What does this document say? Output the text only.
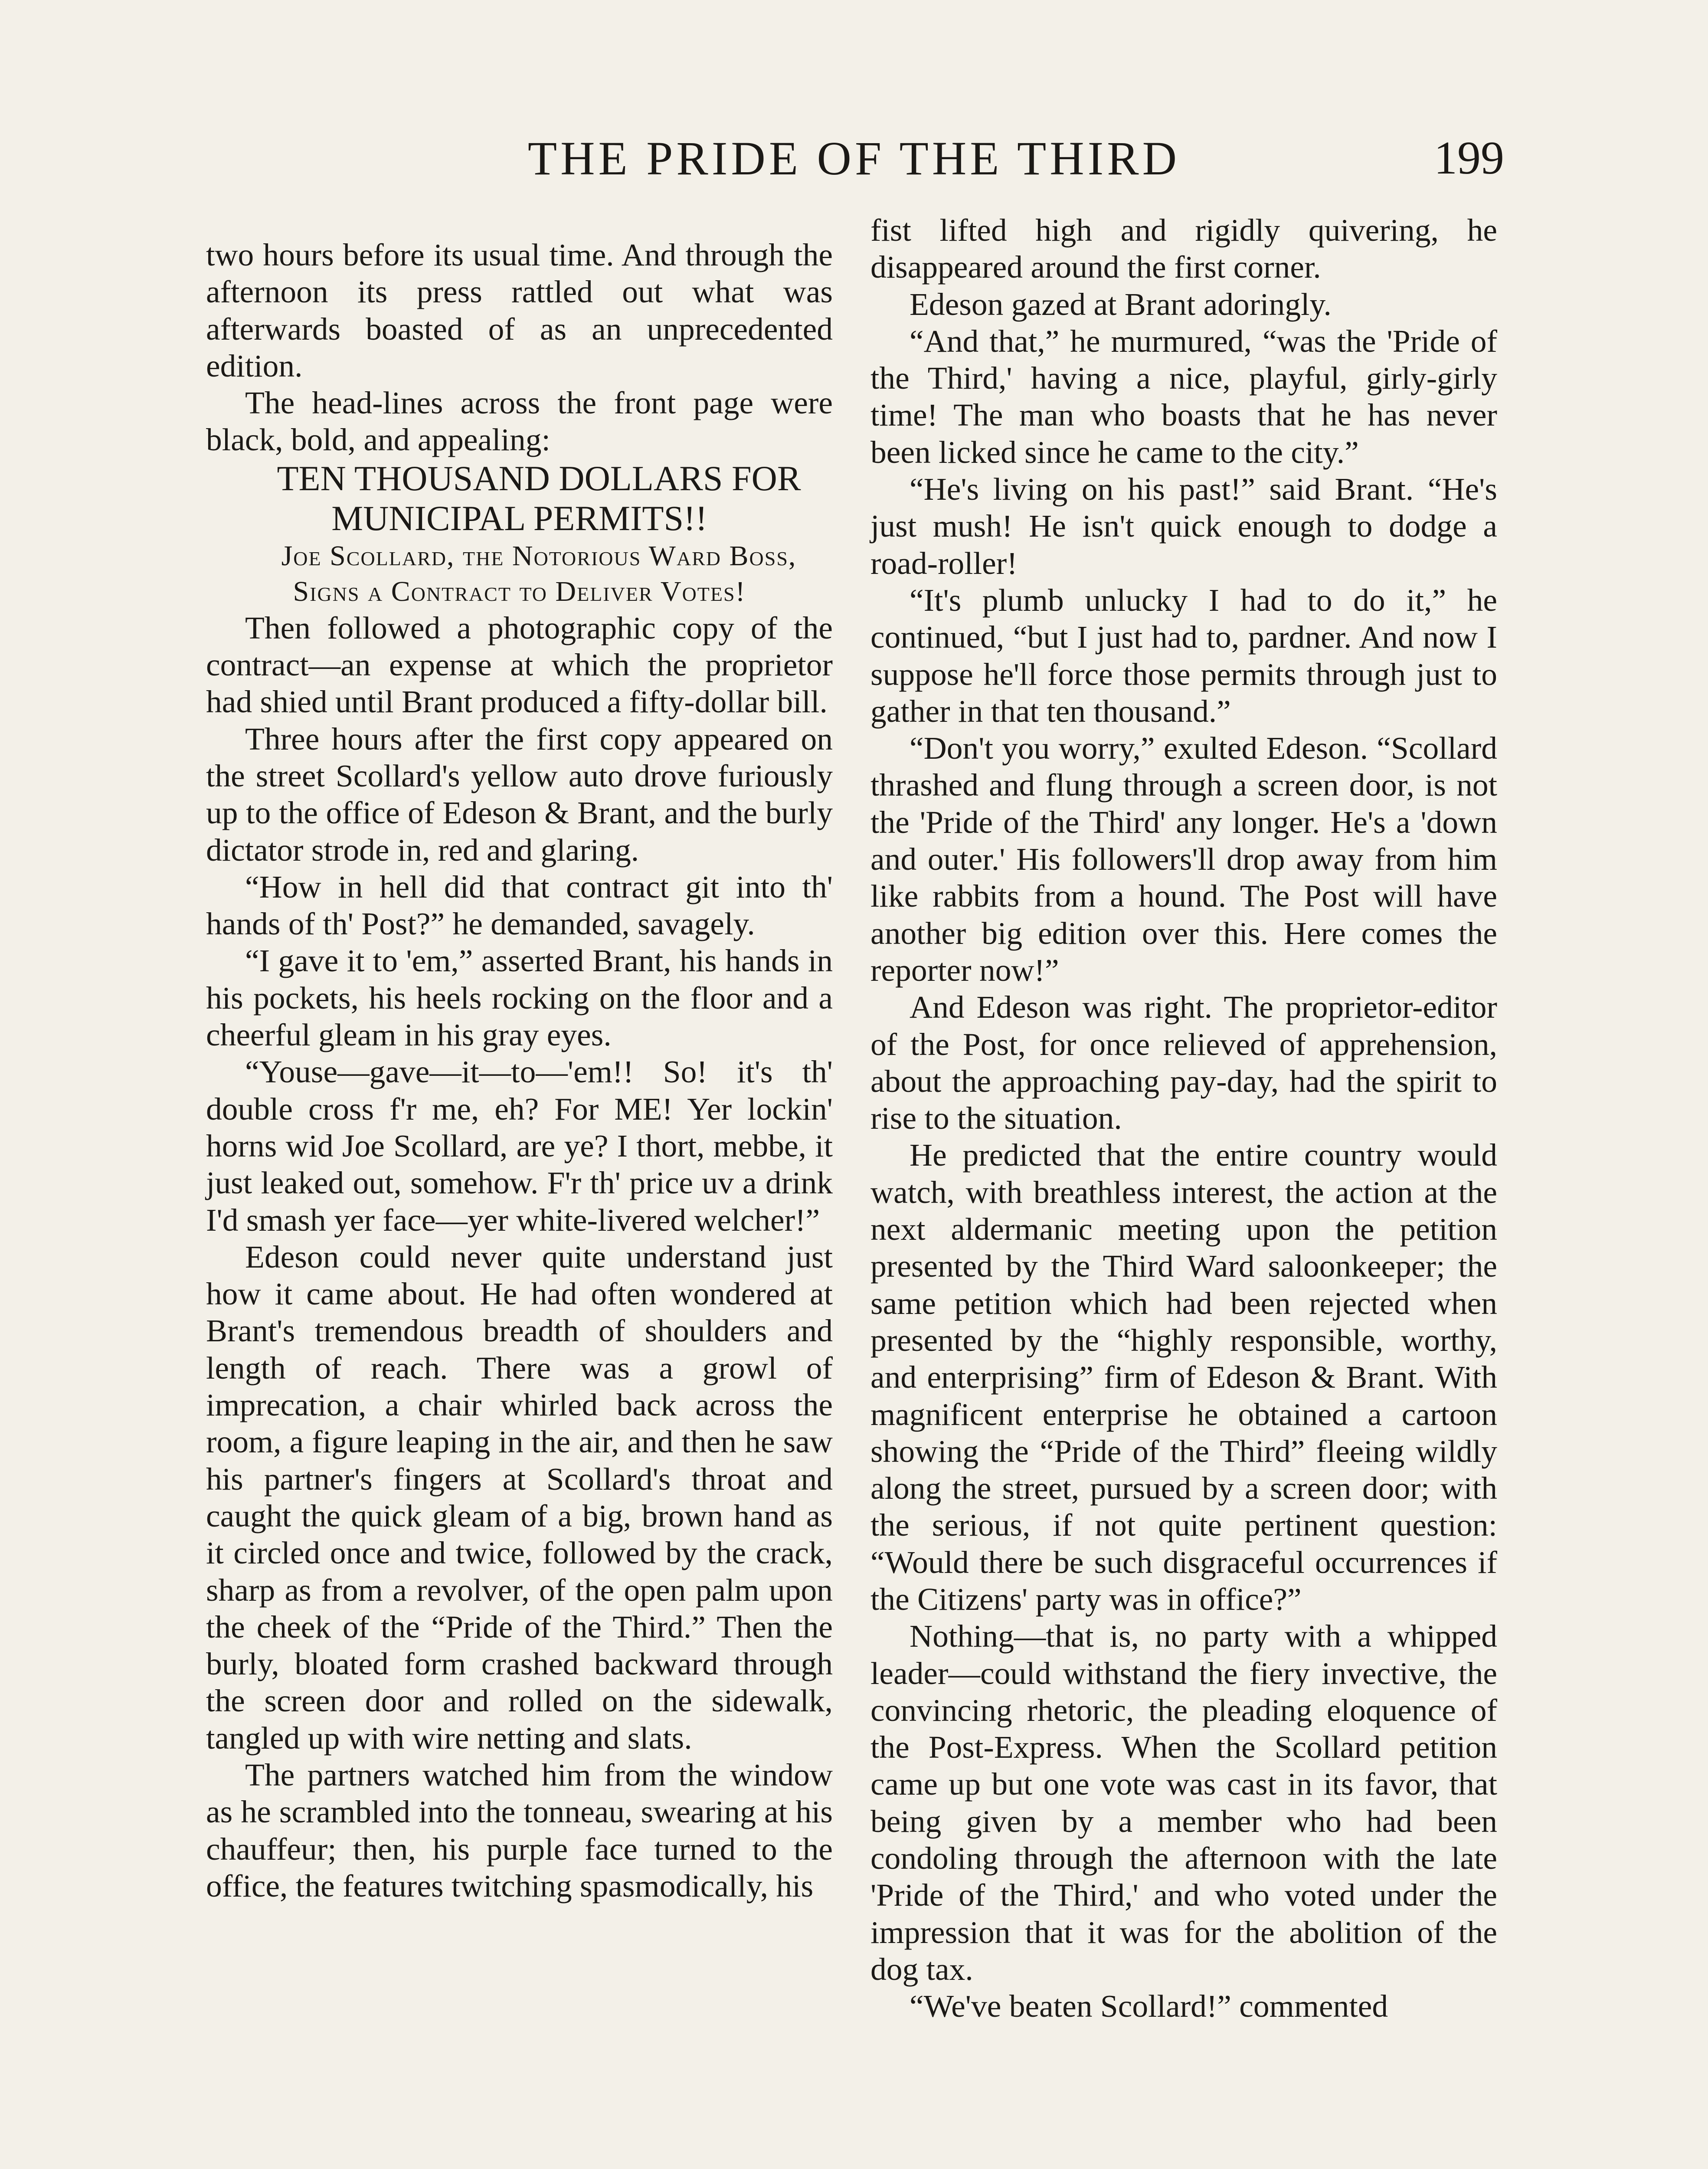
THE PRIDE OF THE THIRD	199

two hours before its usual time. And through the afternoon its press rattled out what was afterwards boasted of as an unprecedented edition.

The head-lines across the front page were black, bold, and appealing:

TEN THOUSAND DOLLARS FOR MUNICIPAL PERMITS!!

Joe Scollard, the Notorious Ward Boss, Signs a Contract to Deliver Votes!

Then followed a photographic copy of the contract—an expense at which the proprietor had shied until Brant produced a fifty-dollar bill.

Three hours after the first copy appeared on the street Scollard's yellow auto drove furiously up to the office of Edeson & Brant, and the burly dictator strode in, red and glaring.

“How in hell did that contract git into th' hands of th' Post?” he demanded, savagely.

“I gave it to 'em,” asserted Brant, his hands in his pockets, his heels rocking on the floor and a cheerful gleam in his gray eyes.

“Youse—gave—it—to—'em!! So! it's th' double cross f'r me, eh? For ME! Yer lockin' horns wid Joe Scollard, are ye? I thort, mebbe, it just leaked out, somehow. F'r th' price uv a drink I'd smash yer face—yer white-livered welcher!”

Edeson could never quite understand just how it came about. He had often wondered at Brant's tremendous breadth of shoulders and length of reach. There was a growl of imprecation, a chair whirled back across the room, a figure leaping in the air, and then he saw his partner's fingers at Scollard's throat and caught the quick gleam of a big, brown hand as it circled once and twice, followed by the crack, sharp as from a revolver, of the open palm upon the cheek of the “Pride of the Third.” Then the burly, bloated form crashed backward through the screen door and rolled on the sidewalk, tangled up with wire netting and slats.

The partners watched him from the window as he scrambled into the tonneau, swearing at his chauffeur; then, his purple face turned to the office, the features twitching spasmodically, his

fist lifted high and rigidly quivering, he disappeared around the first corner.

Edeson gazed at Brant adoringly.

“And that,” he murmured, “was the 'Pride of the Third,' having a nice, playful, girly-girly time! The man who boasts that he has never been licked since he came to the city.”

“He's living on his past!” said Brant. “He's just mush! He isn't quick enough to dodge a road-roller!

“It's plumb unlucky I had to do it,” he continued, “but I just had to, pardner. And now I suppose he'll force those permits through just to gather in that ten thousand.”

“Don't you worry,” exulted Edeson. “Scollard thrashed and flung through a screen door, is not the 'Pride of the Third' any longer. He's a 'down and outer.' His followers'll drop away from him like rabbits from a hound. The Post will have another big edition over this. Here comes the reporter now!”

And Edeson was right. The proprietor-editor of the Post, for once relieved of apprehension, about the approaching pay-day, had the spirit to rise to the situation.

He predicted that the entire country would watch, with breathless interest, the action at the next aldermanic meeting upon the petition presented by the Third Ward saloonkeeper; the same petition which had been rejected when presented by the “highly responsible, worthy, and enterprising” firm of Edeson & Brant. With magnificent enterprise he obtained a cartoon showing the “Pride of the Third” fleeing wildly along the street, pursued by a screen door; with the serious, if not quite pertinent question: “Would there be such disgraceful occurrences if the Citizens' party was in office?”

Nothing—that is, no party with a whipped leader—could withstand the fiery invective, the convincing rhetoric, the pleading eloquence of the Post-Express. When the Scollard petition came up but one vote was cast in its favor, that being given by a member who had been condoling through the afternoon with the late 'Pride of the Third,' and who voted under the impression that it was for the abolition of the dog tax.

“We've beaten Scollard!” commented
